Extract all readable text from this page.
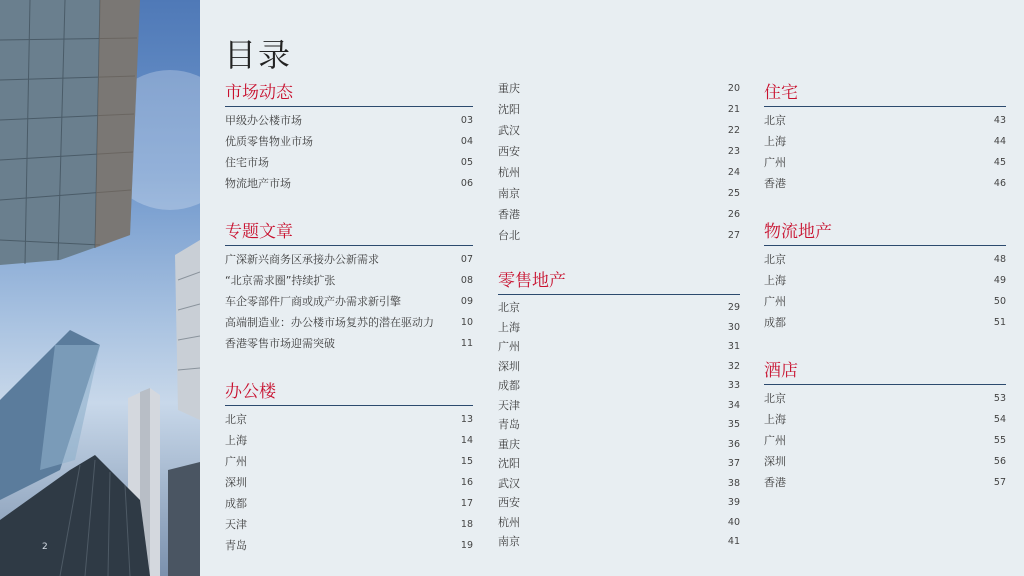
2
目录
市场动态
甲级办公楼市场	03
优质零售物业市场	04
住宅市场	05
物流地产市场	06
专题文章
广深新兴商务区承接办公新需求	07
“北京需求圈”持续扩张	08
车企零部件厂商或成产办需求新引擎	09
高端制造业：办公楼市场复苏的潜在驱动力	10
香港零售市场迎需突破	11
办公楼
北京	13
上海	14
广州	15
深圳	16
成都	17
天津	18
青岛	19
重庆	20
沈阳	21
武汉	22
西安	23
杭州	24
南京	25
香港	26
台北	27
零售地产
北京	29
上海	30
广州	31
深圳	32
成都	33
天津	34
青岛	35
重庆	36
沈阳	37
武汉	38
西安	39
杭州	40
南京	41
住宅
北京	43
上海	44
广州	45
香港	46
物流地产
北京	48
上海	49
广州	50
成都	51
酒店
北京	53
上海	54
广州	55
深圳	56
香港	57
